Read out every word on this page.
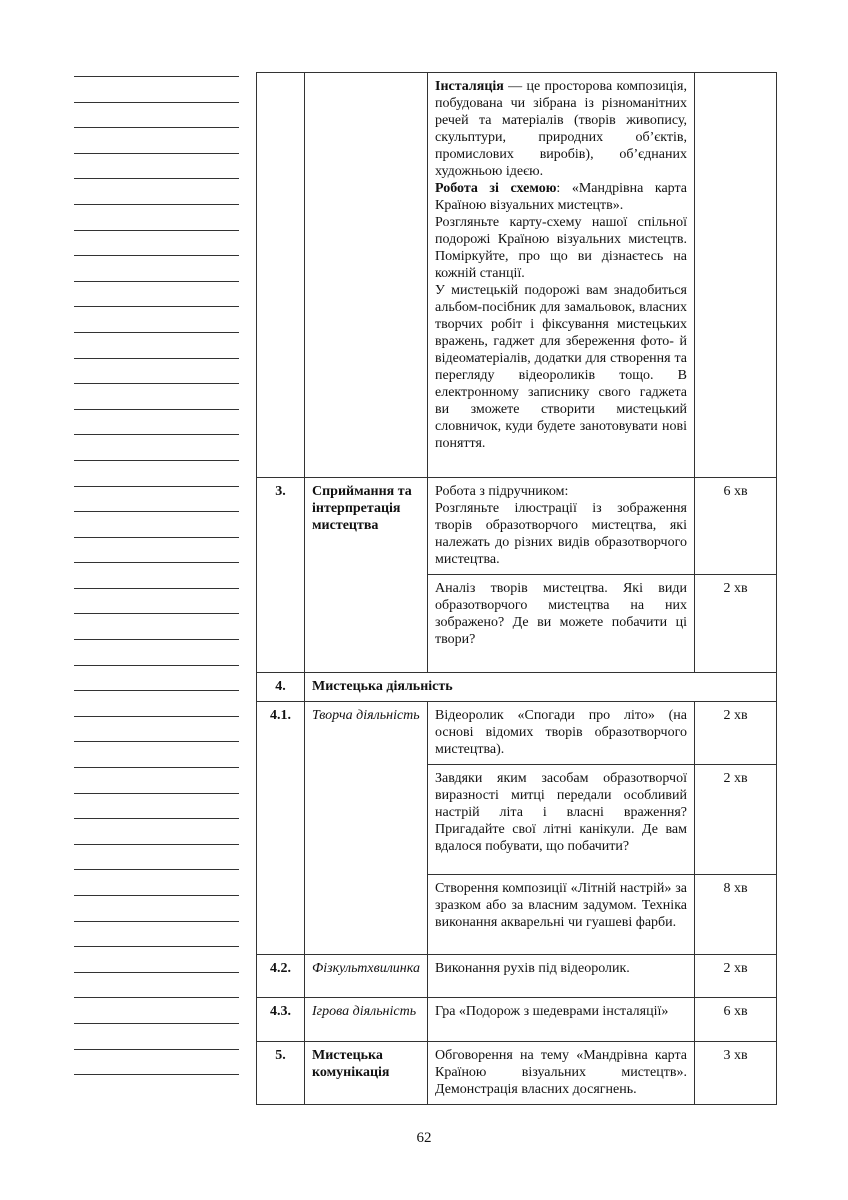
		Інсталяція — це просторова композиція, побудована чи зібрана із різноманітних речей та матеріалів (творів живопису, скульптури, природних об’єктів, промислових виробів), об’єднаних художньою ідеєю.

Робота зі схемою: «Мандрівна карта Країною візуальних мистецтв».

Розгляньте карту-схему нашої спільної подорожі Країною візуальних мистецтв. Поміркуйте, про що ви дізнаєтесь на кожній станції.

У мистецькій подорожі вам знадобиться альбом-посібник для замальовок, власних творчих робіт і фіксування мистецьких вражень, гаджет для збереження фото- й відеоматеріалів, додатки для створення та перегляду відеороликів тощо. В електронному записнику свого гаджета ви зможете створити мистецький словничок, куди будете занотовувати нові поняття.	

3.	Сприймання та інтерпретація мистецтва	Робота з підручником:

Розгляньте ілюстрації із зображення творів образотворчого мистецтва, які належать до різних видів образотворчого мистецтва.	6 хв
		Аналіз творів мистецтва. Які види образотворчого мистецтва на них зображено? Де ви можете побачити ці твори?	2 хв
4.	Мистецька діяльність		
4.1.	Творча діяльність	Відеоролик «Спогади про літо» (на основі відомих творів образотворчого мистецтва).	2 хв
		Завдяки яким засобам образотворчої виразності митці передали особливий настрій літа і власні враження? Пригадайте свої літні канікули. Де вам вдалося побувати, що побачити?	2 хв
		Створення композиції «Літній настрій» за зразком або за власним задумом. Техніка виконання акварельні чи гуашеві фарби.	8 хв
4.2.	Фізкультхвилинка	Виконання рухів під відеоролик.	2 хв
4.3.	Ігрова діяльність	Гра «Подорож з шедеврами інсталяції»	6 хв
5.	Мистецька комунікація	Обговорення на тему «Мандрівна карта Країною візуальних мистецтв». Демонстрація власних досягнень.	3 хв
62
